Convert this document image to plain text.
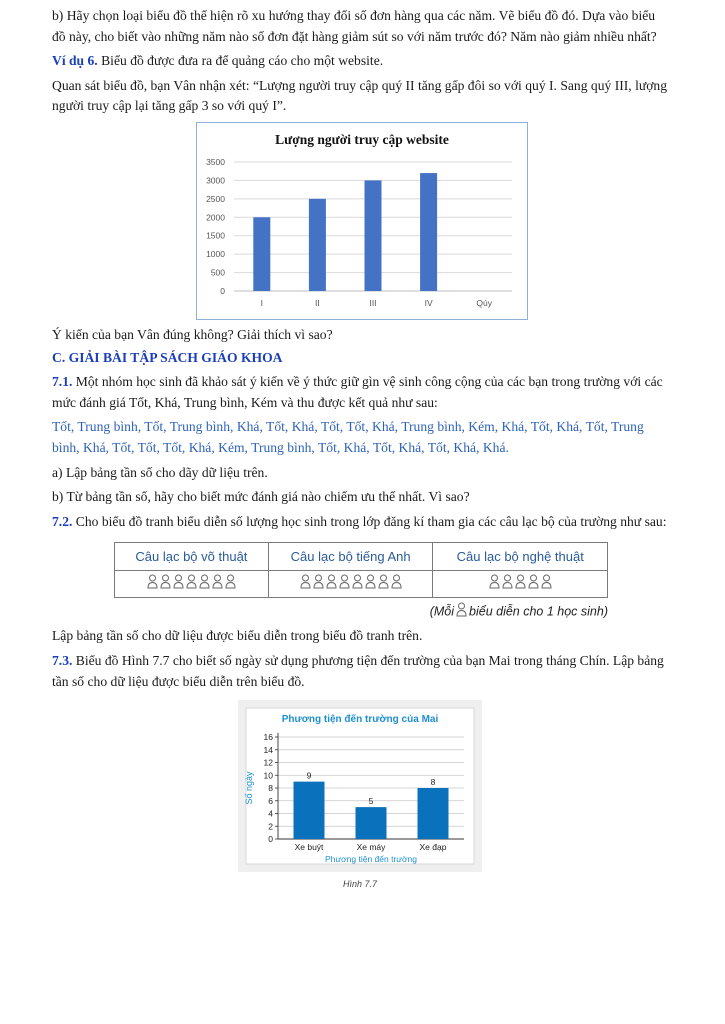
b) Hãy chọn loại biểu đồ thể hiện rõ xu hướng thay đổi số đơn hàng qua các năm. Vẽ biểu đồ đó. Dựa vào biểu đồ này, cho biết vào những năm nào số đơn đặt hàng giảm sút so với năm trước đó? Năm nào giảm nhiều nhất?

Ví dụ 6. Biểu đồ được đưa ra để quảng cáo cho một website.

Quan sát biểu đồ, bạn Vân nhận xét: “Lượng người truy cập quý II tăng gấp đôi so với quý I. Sang quý III, lượng người truy cập lại tăng gấp 3 so với quý I”.

Lượng người truy cập website
0
500
1000
1500
2000
2500
3000
3500
I	II	III	IV	Qúy

Ý kiến của bạn Vân đúng không? Giải thích vì sao?

C. GIẢI BÀI TẬP SÁCH GIÁO KHOA

7.1. Một nhóm học sinh đã khảo sát ý kiến về ý thức giữ gìn vệ sinh công cộng của các bạn trong trường với các mức đánh giá Tốt, Khá, Trung bình, Kém và thu được kết quả như sau:

Tốt, Trung bình, Tốt, Trung bình, Khá, Tốt, Khá, Tốt, Tốt, Khá, Trung bình, Kém, Khá, Tốt, Khá, Tốt, Trung bình, Khá, Tốt, Tốt, Tốt, Khá, Kém, Trung bình, Tốt, Khá, Tốt, Khá, Tốt, Khá, Khá.

a) Lập bảng tần số cho dãy dữ liệu trên.

b) Từ bảng tần số, hãy cho biết mức đánh giá nào chiếm ưu thế nhất. Vì sao?

7.2. Cho biểu đồ tranh biểu diễn số lượng học sinh trong lớp đăng kí tham gia các câu lạc bộ của trường như sau:

Câu lạc bộ võ thuật	Câu lạc bộ tiếng Anh	Câu lạc bộ nghệ thuật

(Mỗi biểu diễn cho 1 học sinh)

Lập bảng tần số cho dữ liệu được biểu diễn trong biểu đồ tranh trên.

7.3. Biểu đồ Hình 7.7 cho biết số ngày sử dụng phương tiện đến trường của bạn Mai trong tháng Chín. Lập bảng tần số cho dữ liệu được biểu diễn trên biểu đồ.

Phương tiện đến trường của Mai
0
2
4
6
8
10
12
14
16
9
Xe buýt
5
Xe máy
8
Xe đạp
Phương tiện đến trường
Số ngày
Hình 7.7
